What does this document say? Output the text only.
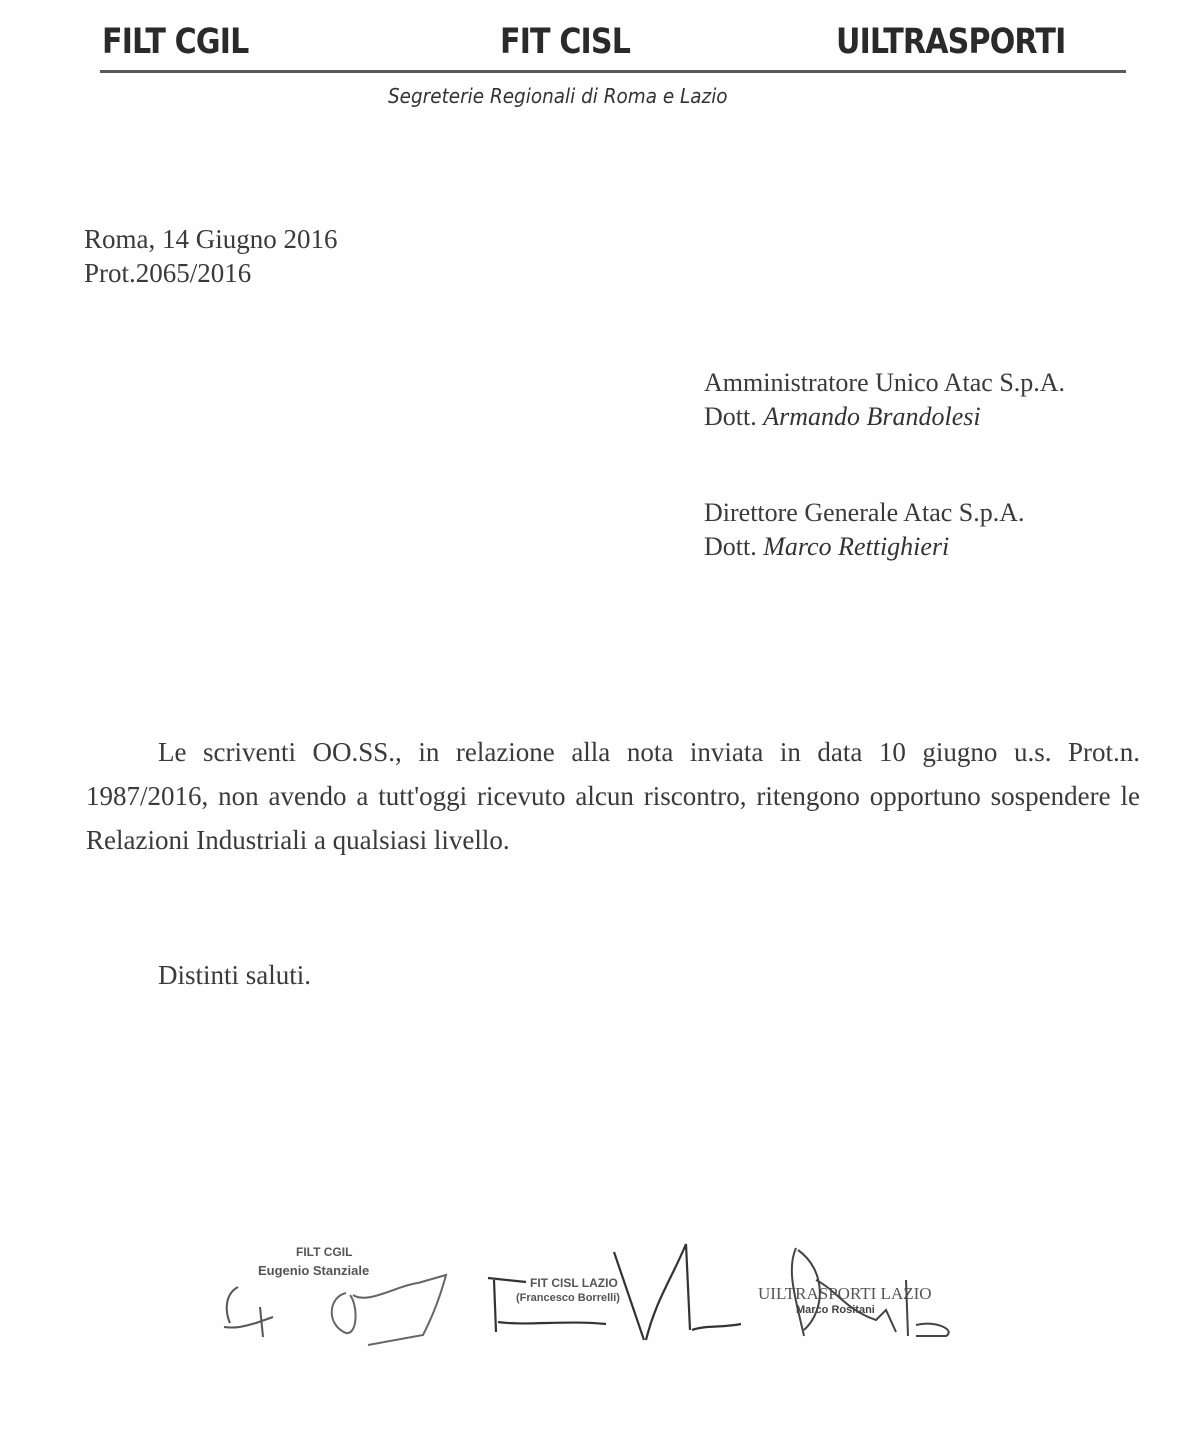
FILT CGIL	FIT CISL	UILTRASPORTI
Segreterie Regionali di Roma e Lazio
Roma, 14 Giugno 2016
Prot.2065/2016
Amministratore Unico Atac S.p.A.
Dott. Armando Brandolesi
Direttore Generale Atac S.p.A.
Dott. Marco Rettighieri

Le scriventi OO.SS., in relazione alla nota inviata in data 10 giugno u.s. Prot.n. 1987/2016, non avendo a tutt'oggi ricevuto alcun riscontro, ritengono opportuno sospendere le Relazioni Industriali a qualsiasi livello.

Distinti saluti.
FILT CGIL
Eugenio Stanziale
FIT CISL LAZIO
(Francesco Borrelli)	UILTRASPORTI LAZIO
Marco Rositani
